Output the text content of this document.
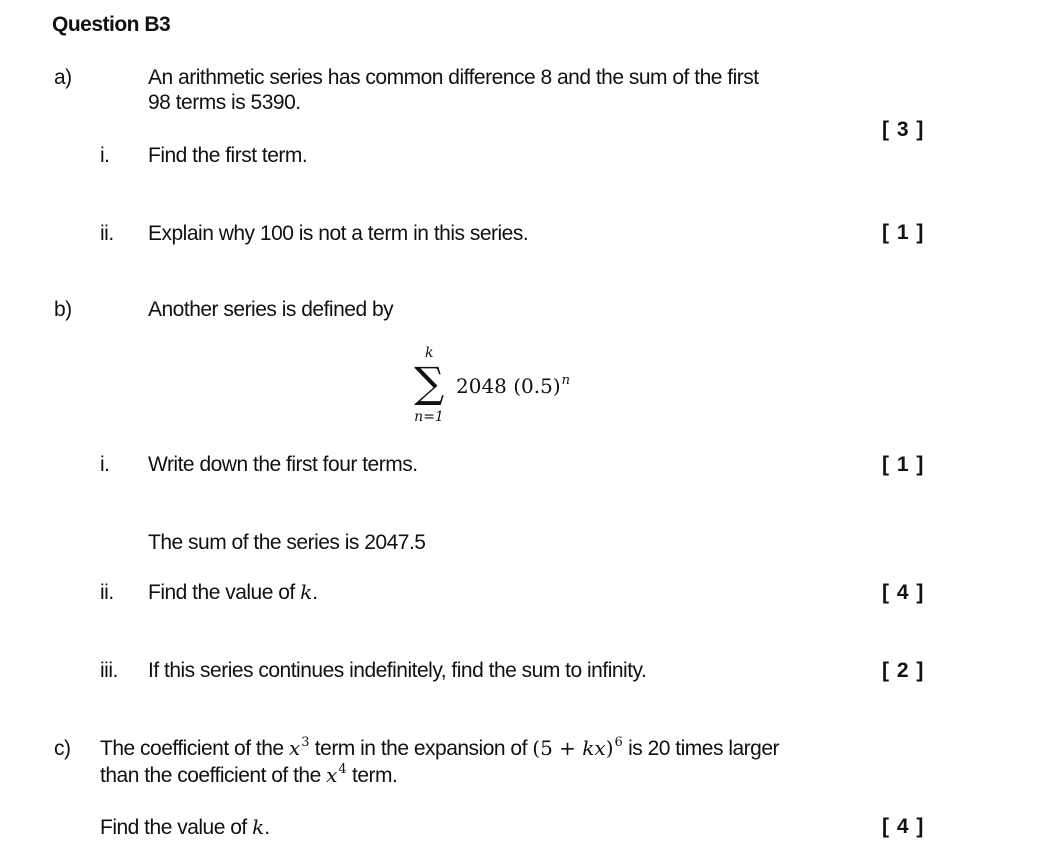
Question B3
a)	An arithmetic series has common difference 8 and the sum of the first
98 terms is 5390.
[ 3 ]
i. Find the first term.
ii. Explain why 100 is not a term in this series.	[ 1 ]
b)	Another series is defined by
k
∑
n=1
2048 $(0.5)^n$
i. Write down the first four terms.	[ 1 ]
The sum of the series is 2047.5
ii. Find the value of k.	[ 4 ]
iii. If this series continues indefinitely, find the sum to infinity.	[ 2 ]
c) The coefficient of the $x^3$ term in the expansion of (5 + kx)$^6$ is 20 times larger
than the coefficient of the $x^4$ term.
Find the value of k.	[ 4 ]
